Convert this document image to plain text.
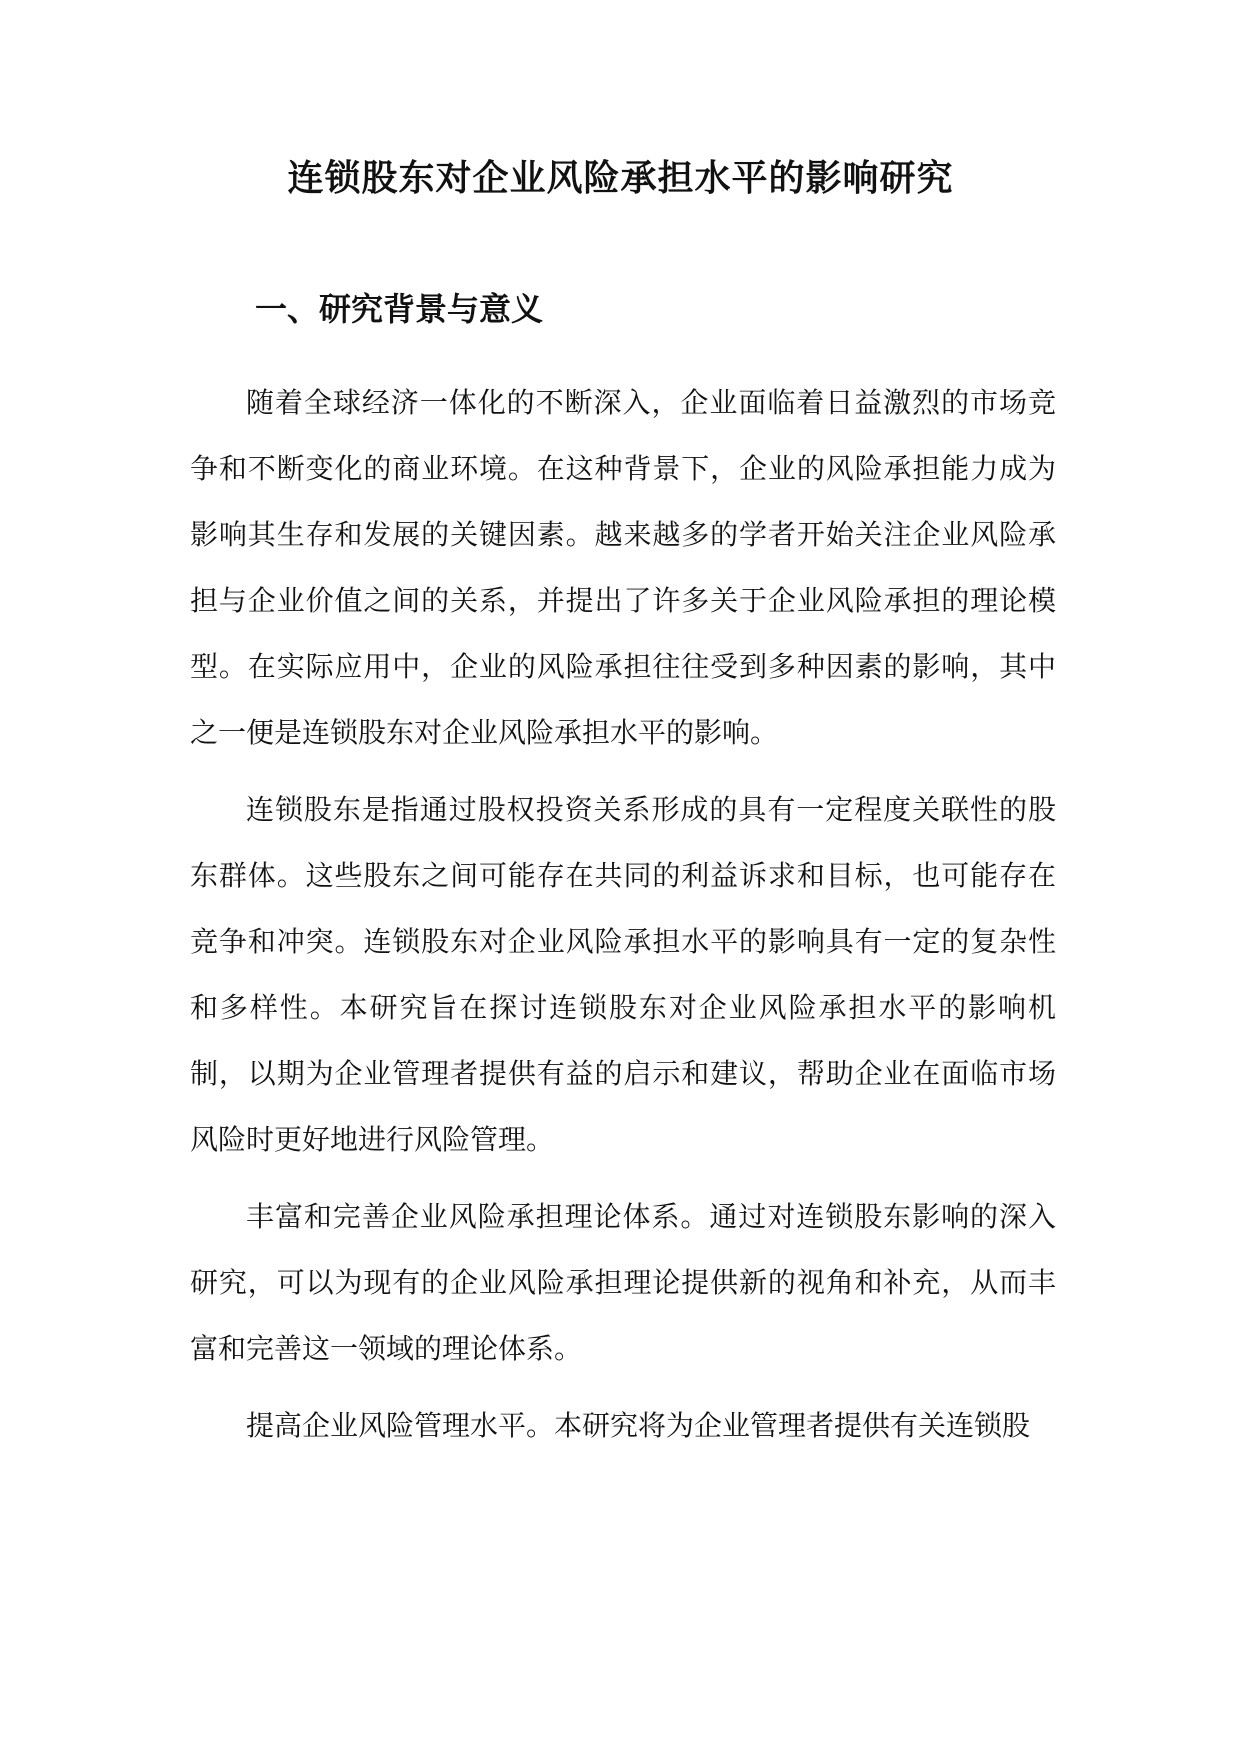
连锁股东对企业风险承担水平的影响研究
一、研究背景与意义

随着全球经济一体化的不断深入，企业面临着日益激烈的市场竞争和不断变化的商业环境。在这种背景下，企业的风险承担能力成为影响其生存和发展的关键因素。越来越多的学者开始关注企业风险承担与企业价值之间的关系，并提出了许多关于企业风险承担的理论模型。在实际应用中，企业的风险承担往往受到多种因素的影响，其中之一便是连锁股东对企业风险承担水平的影响。

连锁股东是指通过股权投资关系形成的具有一定程度关联性的股东群体。这些股东之间可能存在共同的利益诉求和目标，也可能存在竞争和冲突。连锁股东对企业风险承担水平的影响具有一定的复杂性和多样性。本研究旨在探讨连锁股东对企业风险承担水平的影响机制，以期为企业管理者提供有益的启示和建议，帮助企业在面临市场风险时更好地进行风险管理。

丰富和完善企业风险承担理论体系。通过对连锁股东影响的深入研究，可以为现有的企业风险承担理论提供新的视角和补充，从而丰富和完善这一领域的理论体系。

提高企业风险管理水平。本研究将为企业管理者提供有关连锁股
